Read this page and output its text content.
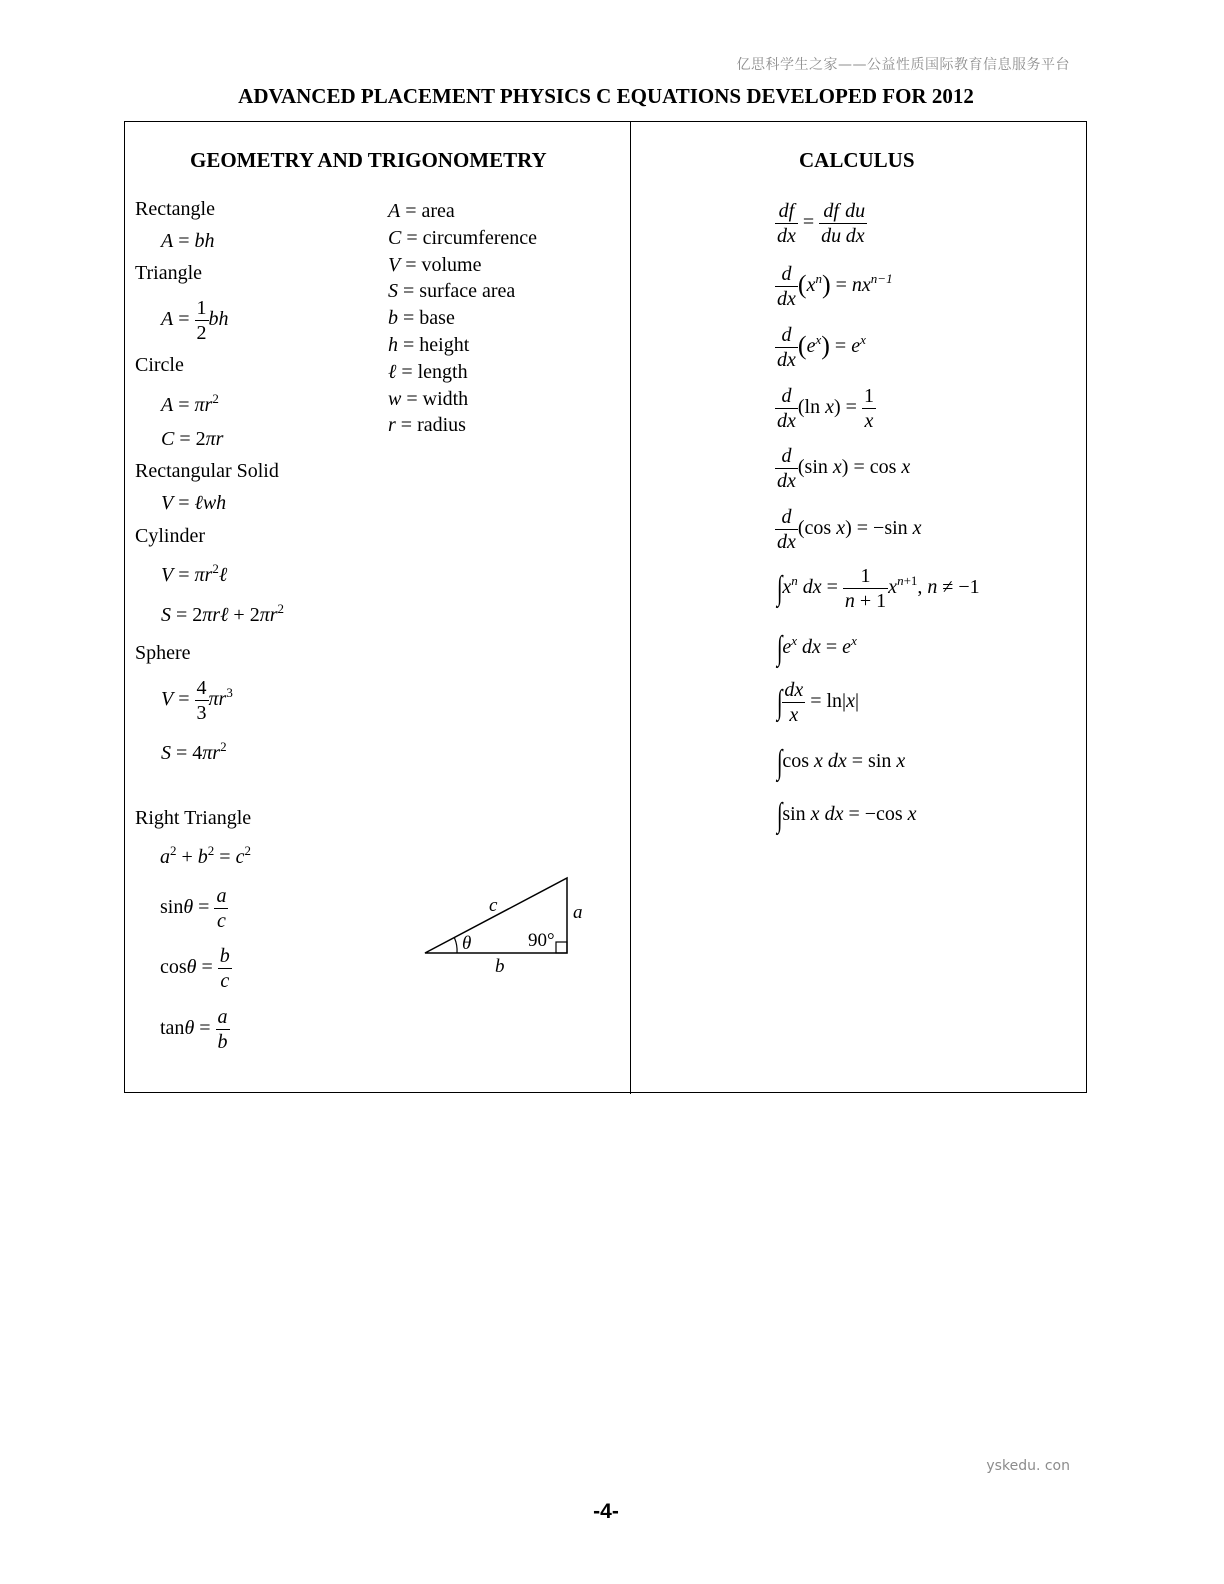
亿思科学生之家——公益性质国际教育信息服务平台
ADVANCED PLACEMENT PHYSICS C EQUATIONS DEVELOPED FOR 2012
GEOMETRY AND TRIGONOMETRY
Rectangle
A = bh
Triangle
$A = \frac{1}{2}$ bh
Circle
$A = \pi r^2$
C = 2πr
Rectangular Solid
V = ℓwh
Cylinder
$V = \pi r^2\ell$
S = 2πrℓ + $2\pi r^2$
Sphere
$V = \frac{4}{3} \pi r^3$
$S = 4\pi r^2$
Right Triangle
$a^2 + b^2 = c^2$
$\sin\theta = \frac{a}{c}$
$\cos\theta = \frac{b}{c}$
$\tan\theta = \frac{a}{b}$
A = area
C = circumference
V = volume
S = surface area
b = base
h = height
ℓ = length
w = width
r = radius
c	a
b
θ	90°
CALCULUS
$\frac{df}{dx} = \frac{df}{du} \frac{du}{dx}$
$\frac{d}{dx} (x^n) = nx^{n-1}$
$\frac{d}{dx} (e^x) = e^x$
$\frac{d}{dx} (\ln$ $x) = \frac{1}{x}$
$\frac{d}{dx} (\sin$ x) = cos x
$\frac{d}{dx} (\cos$ x) = −sin x
$\int x^n$ dx = $\frac{1}{n + 1} x^{n+1}$, n ≠ −1
$\int e^x$ dx = $e^x$
∫ $\frac{dx}{x} = \ln|x|$
∫cos x dx = sin x
∫sin x dx = −cos x
yskedu. con
-4-
